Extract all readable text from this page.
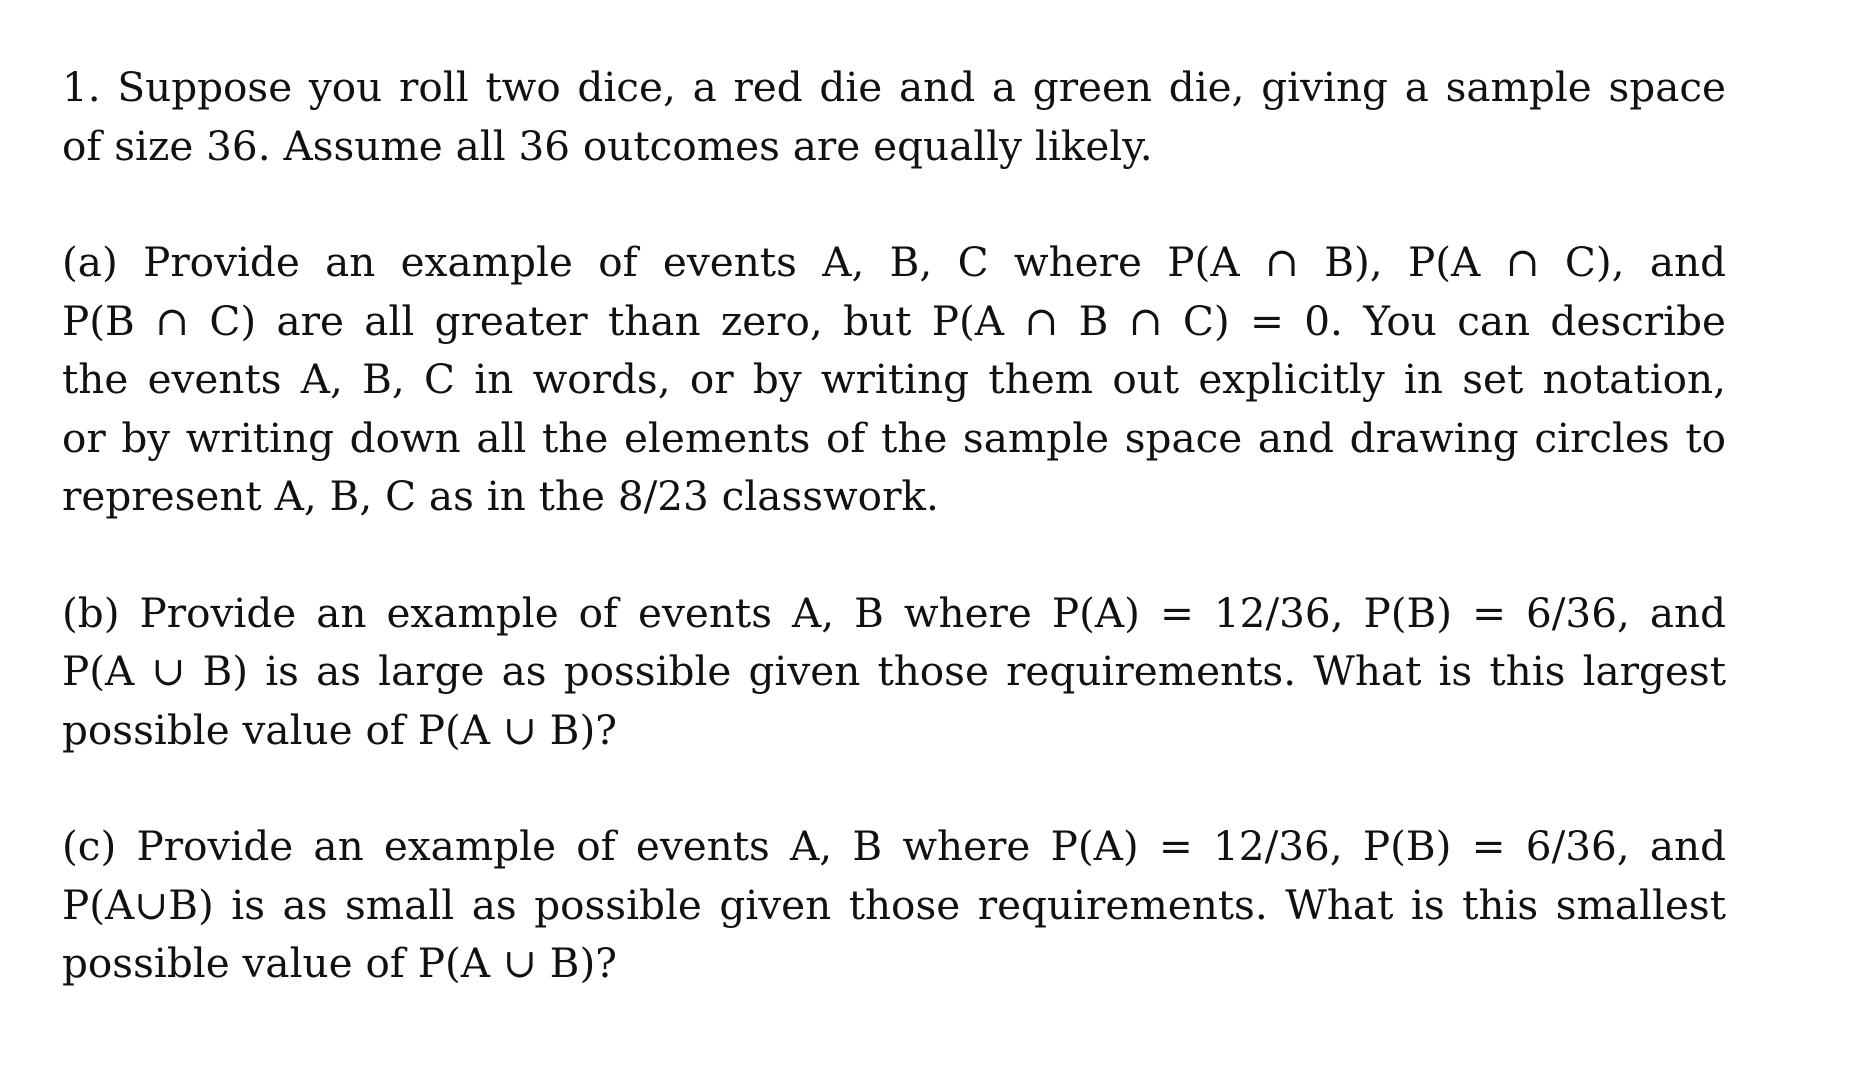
1. Suppose you roll two dice, a red die and a green die, giving a sample space
of size 36. Assume all 36 outcomes are equally likely.
(a) Provide an example of events A, B, C where P(A ∩ B), P(A ∩ C), and
P(B ∩ C) are all greater than zero, but P(A ∩ B ∩ C) = 0. You can describe
the events A, B, C in words, or by writing them out explicitly in set notation,
or by writing down all the elements of the sample space and drawing circles to
represent A, B, C as in the 8/23 classwork.
(b) Provide an example of events A, B where P(A) = 12/36, P(B) = 6/36, and
P(A ∪ B) is as large as possible given those requirements. What is this largest
possible value of P(A ∪ B)?
(c) Provide an example of events A, B where P(A) = 12/36, P(B) = 6/36, and
P(A∪B) is as small as possible given those requirements. What is this smallest
possible value of P(A ∪ B)?
